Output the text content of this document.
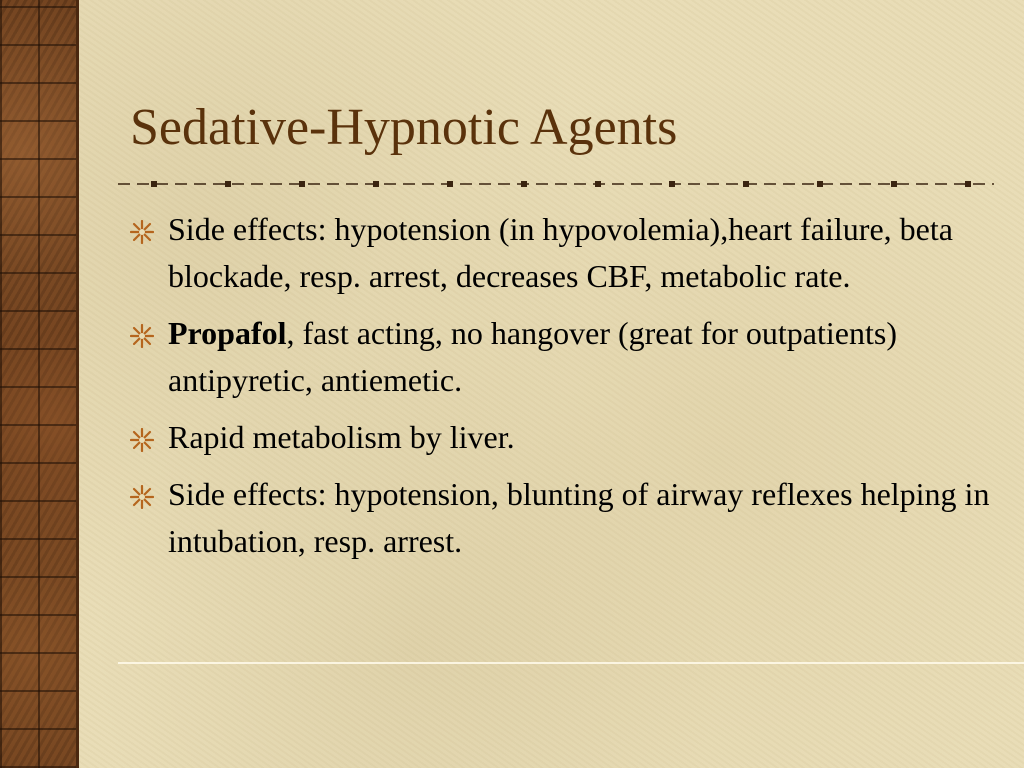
Sedative-Hypnotic Agents
Side effects: hypotension (in hypovolemia),heart failure, beta blockade, resp. arrest, decreases CBF, metabolic rate.
Propafol, fast acting, no hangover (great for outpatients) antipyretic, antiemetic.
Rapid metabolism by liver.
Side effects: hypotension, blunting of airway reflexes helping in intubation, resp. arrest.
